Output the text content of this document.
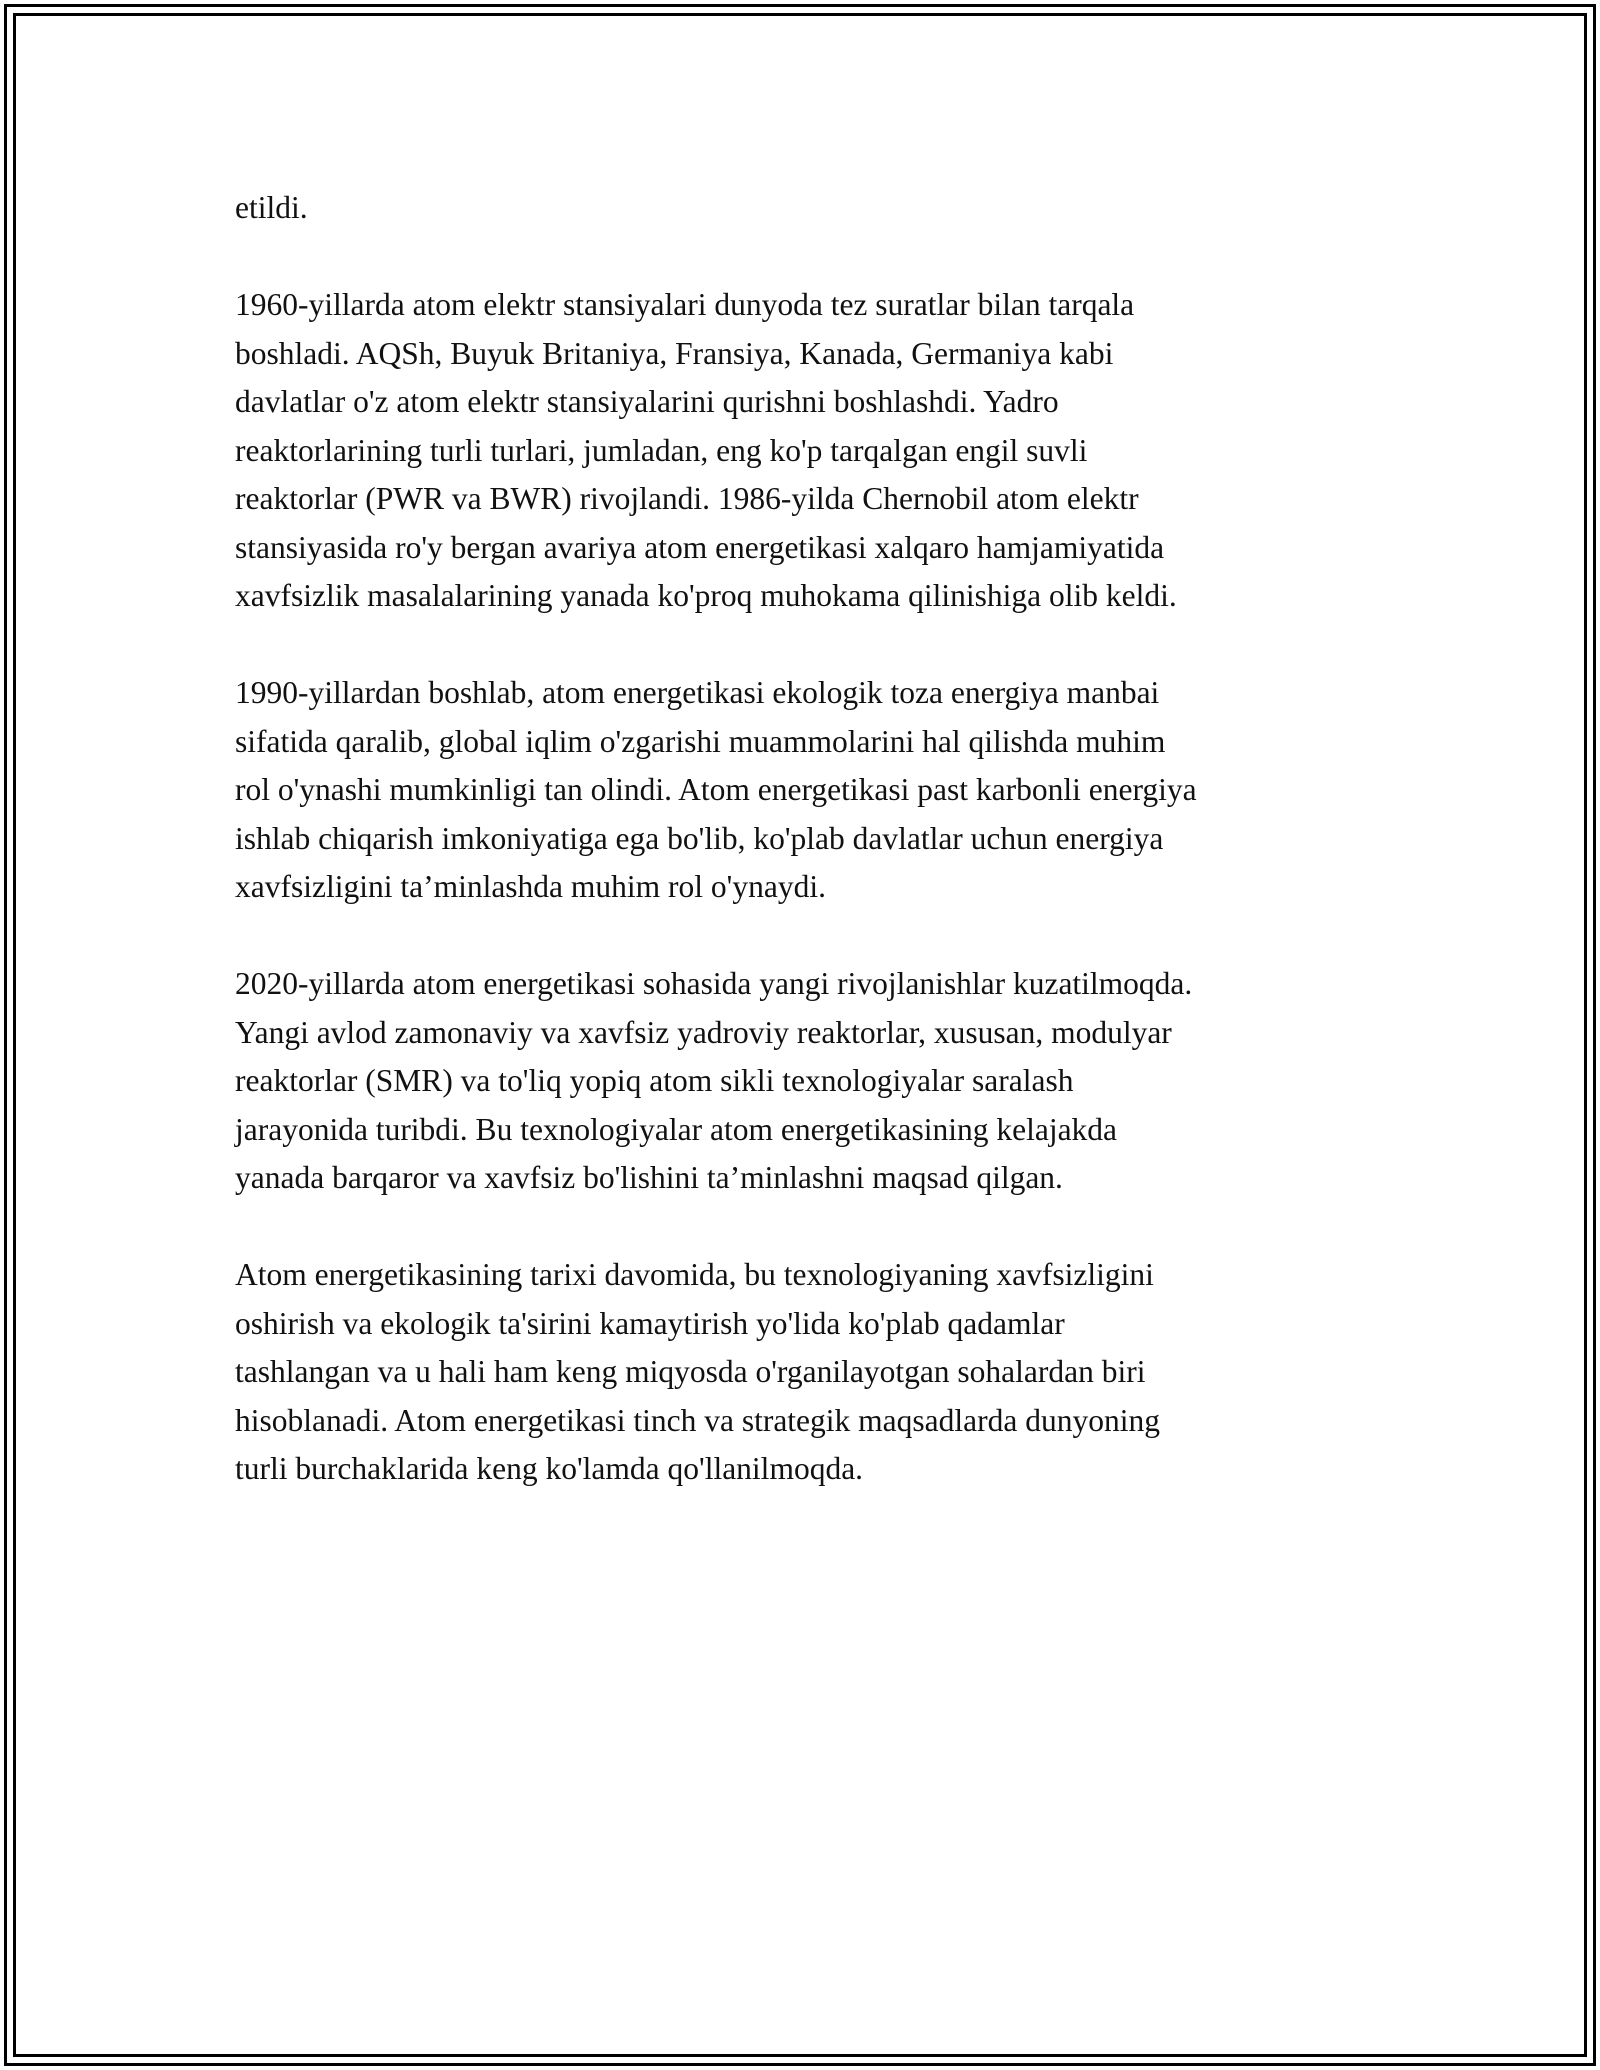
etildi.

1960-yillarda atom elektr stansiyalari dunyoda tez suratlar bilan tarqala
boshladi. AQSh, Buyuk Britaniya, Fransiya, Kanada, Germaniya kabi
davlatlar o'z atom elektr stansiyalarini qurishni boshlashdi. Yadro
reaktorlarining turli turlari, jumladan, eng ko'p tarqalgan engil suvli
reaktorlar (PWR va BWR) rivojlandi. 1986-yilda Chernobil atom elektr
stansiyasida ro'y bergan avariya atom energetikasi xalqaro hamjamiyatida
xavfsizlik masalalarining yanada ko'proq muhokama qilinishiga olib keldi.

1990-yillardan boshlab, atom energetikasi ekologik toza energiya manbai
sifatida qaralib, global iqlim o'zgarishi muammolarini hal qilishda muhim
rol o'ynashi mumkinligi tan olindi. Atom energetikasi past karbonli energiya
ishlab chiqarish imkoniyatiga ega bo'lib, ko'plab davlatlar uchun energiya
xavfsizligini ta’minlashda muhim rol o'ynaydi.

2020-yillarda atom energetikasi sohasida yangi rivojlanishlar kuzatilmoqda.
Yangi avlod zamonaviy va xavfsiz yadroviy reaktorlar, xususan, modulyar
reaktorlar (SMR) va to'liq yopiq atom sikli texnologiyalar saralash
jarayonida turibdi. Bu texnologiyalar atom energetikasining kelajakda
yanada barqaror va xavfsiz bo'lishini ta’minlashni maqsad qilgan.

Atom energetikasining tarixi davomida, bu texnologiyaning xavfsizligini
oshirish va ekologik ta'sirini kamaytirish yo'lida ko'plab qadamlar
tashlangan va u hali ham keng miqyosda o'rganilayotgan sohalardan biri
hisoblanadi. Atom energetikasi tinch va strategik maqsadlarda dunyoning
turli burchaklarida keng ko'lamda qo'llanilmoqda.
